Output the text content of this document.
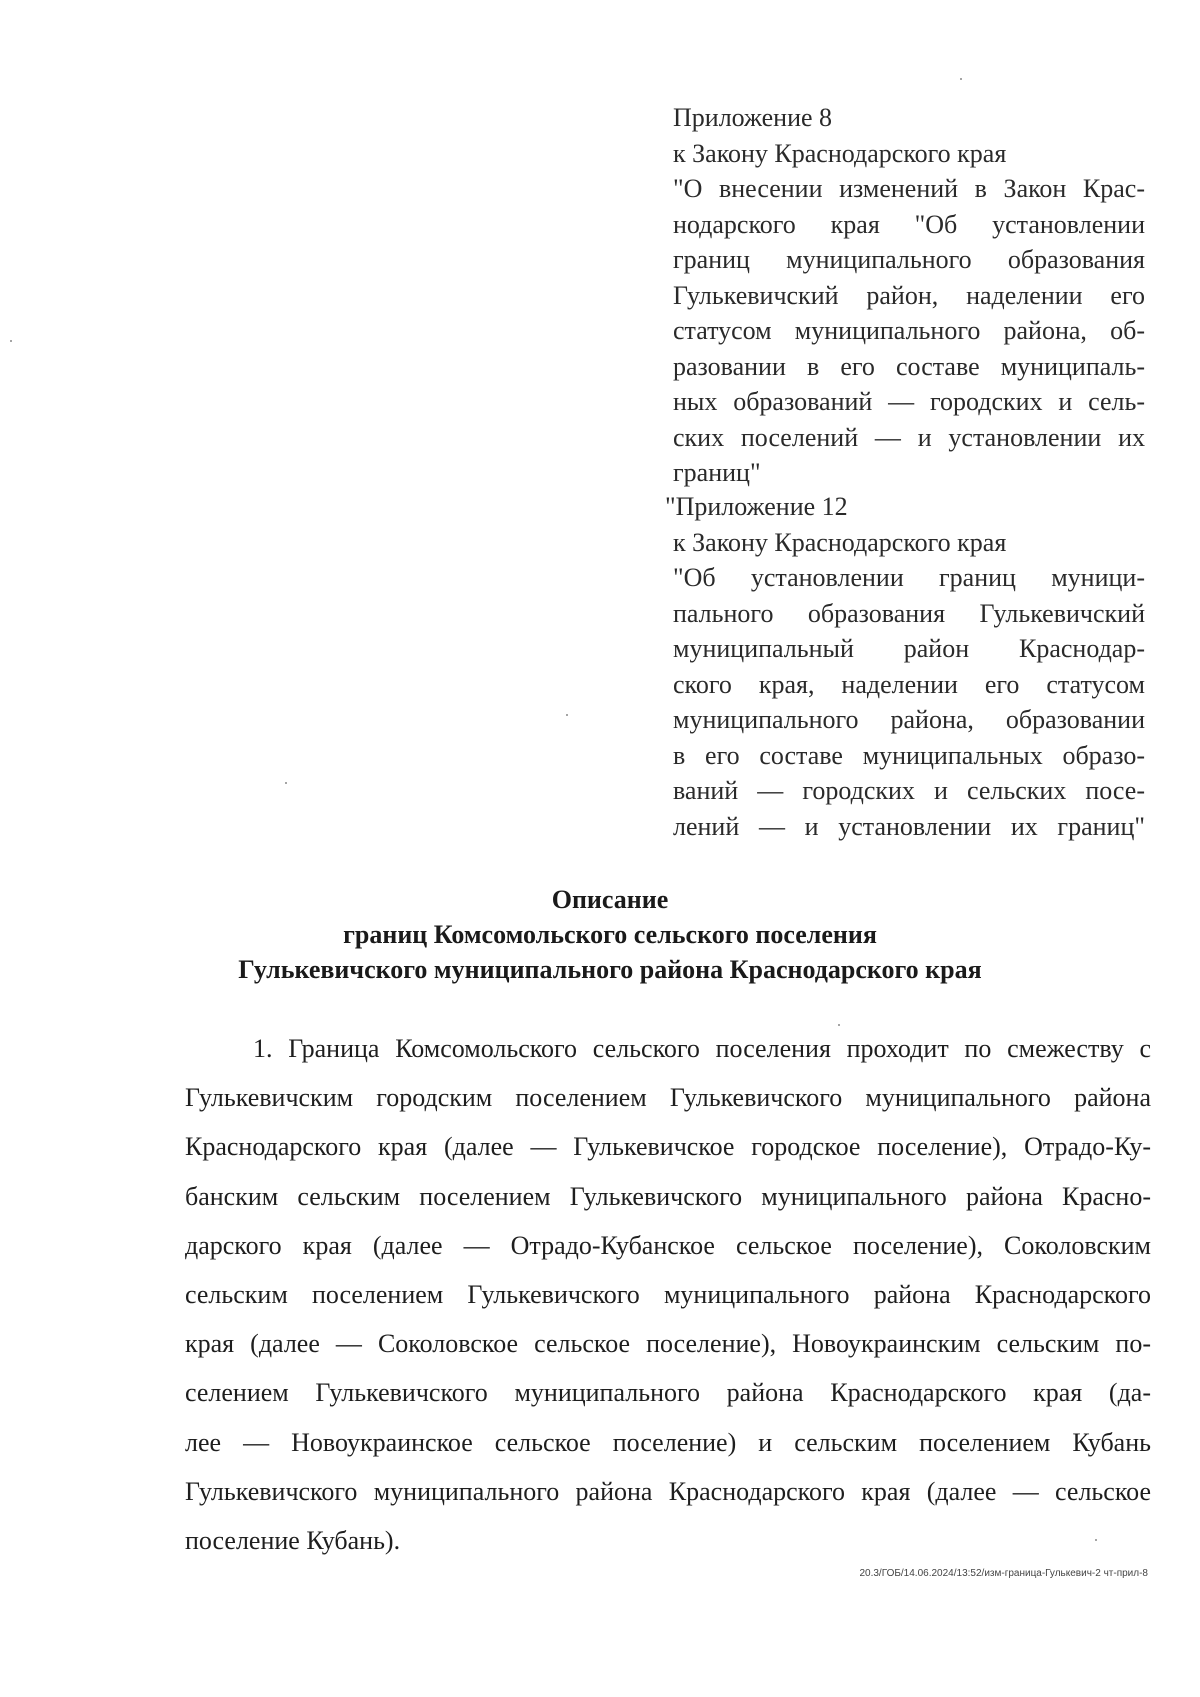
Приложение 8
к Закону Краснодарского края
"О внесении изменений в Закон Крас-
нодарского края "Об установлении
границ муниципального образования
Гулькевичский район, наделении его
статусом муниципального района, об-
разовании в его составе муниципаль-
ных образований — городских и сель-
ских поселений — и установлении их
границ"
"Приложение 12
к Закону Краснодарского края
"Об установлении границ муници-
пального образования Гулькевичский
муниципальный район Краснодар-
ского края, наделении его статусом
муниципального района, образовании
в его составе муниципальных образо-
ваний — городских и сельских посе-
лений — и установлении их границ"
Описание
границ Комсомольского сельского поселения
Гулькевичского муниципального района Краснодарского края
1. Граница Комсомольского сельского поселения проходит по смежеству с
Гулькевичским городским поселением Гулькевичского муниципального района
Краснодарского края (далее — Гулькевичское городское поселение), Отрадо-Ку-
банским сельским поселением Гулькевичского муниципального района Красно-
дарского края (далее — Отрадо-Кубанское сельское поселение), Соколовским
сельским поселением Гулькевичского муниципального района Краснодарского
края (далее — Соколовское сельское поселение), Новоукраинским сельским по-
селением Гулькевичского муниципального района Краснодарского края (да-
лее — Новоукраинское сельское поселение) и сельским поселением Кубань
Гулькевичского муниципального района Краснодарского края (далее — сельское
поселение Кубань).
20.3/ГОБ/14.06.2024/13:52/изм-граница-Гулькевич-2 чт-прил-8
